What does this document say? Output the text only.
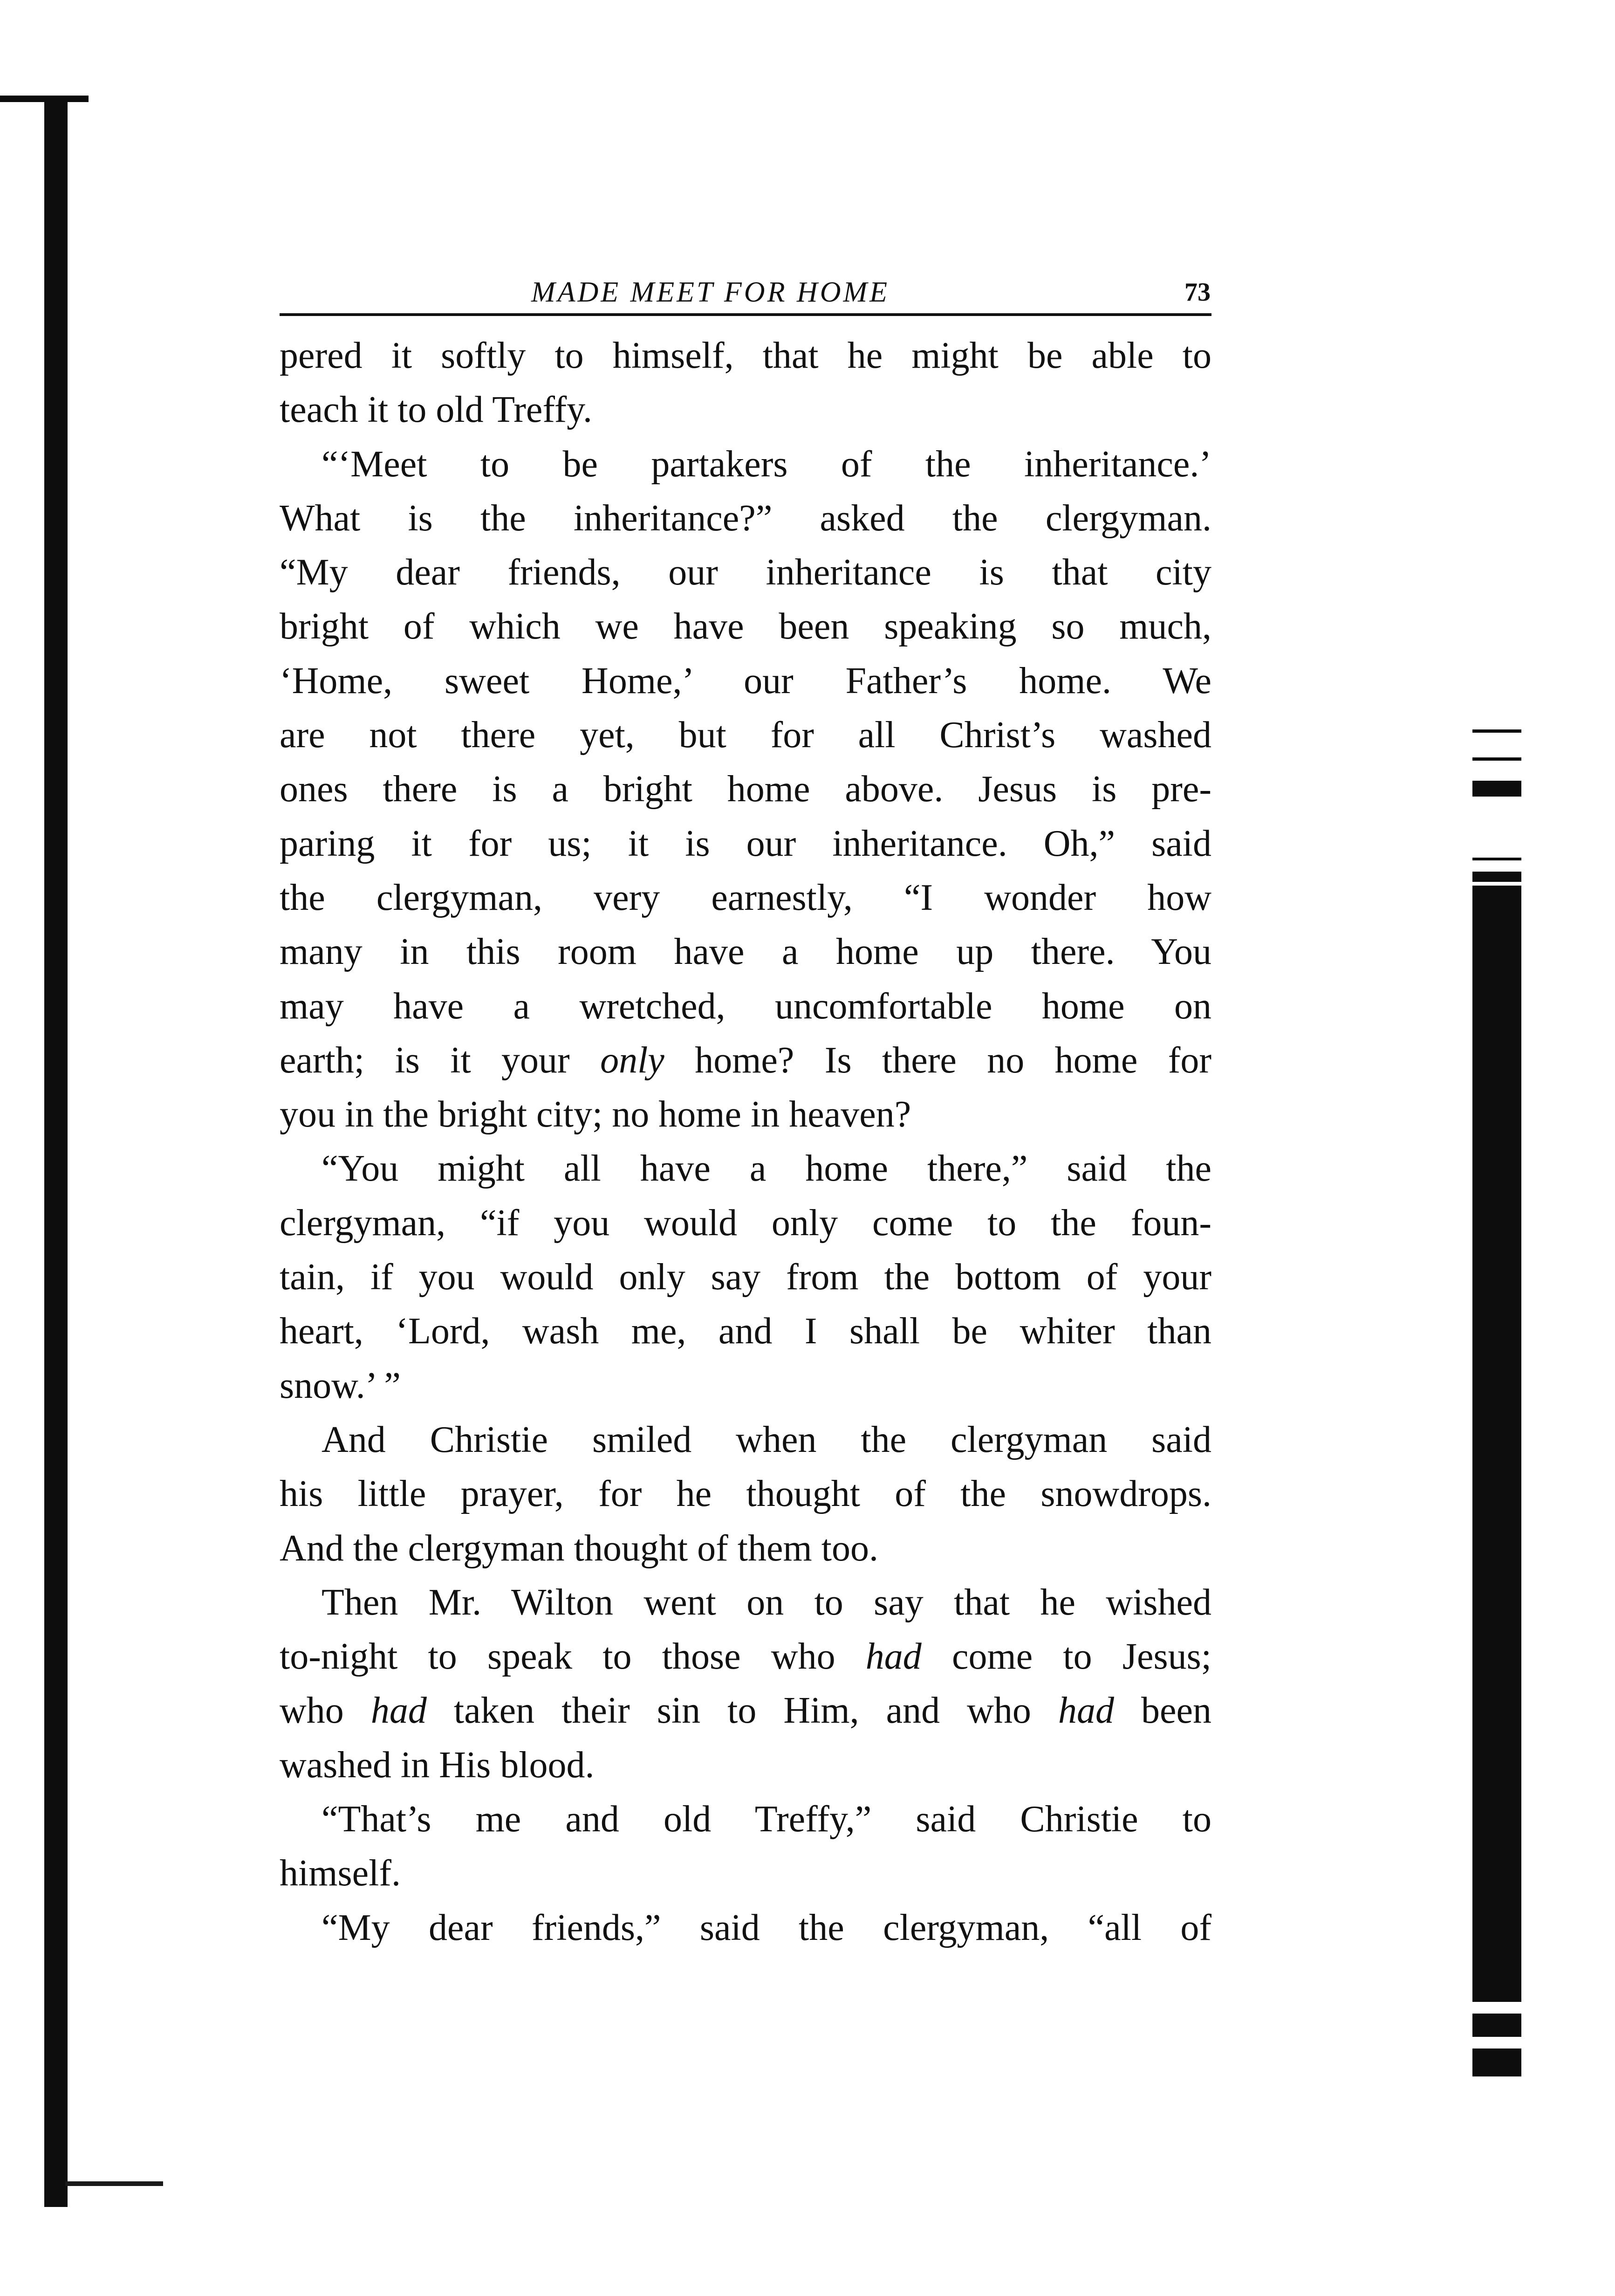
MADE MEET FOR HOME	73
pered it softly to himself, that he might be able to
teach it to old Treffy.
“‘Meet to be partakers of the inheritance.’
What is the inheritance?” asked the clergyman.
“My dear friends, our inheritance is that city
bright of which we have been speaking so much,
‘Home, sweet Home,’ our Father’s home. We
are not there yet, but for all Christ’s washed
ones there is a bright home above. Jesus is pre-
paring it for us; it is our inheritance. Oh,” said
the clergyman, very earnestly, “I wonder how
many in this room have a home up there. You
may have a wretched, uncomfortable home on
earth; is it your only home? Is there no home for
you in the bright city; no home in heaven?
“You might all have a home there,” said the
clergyman, “if you would only come to the foun-
tain, if you would only say from the bottom of your
heart, ‘Lord, wash me, and I shall be whiter than
snow.’ ”
And Christie smiled when the clergyman said
his little prayer, for he thought of the snowdrops.
And the clergyman thought of them too.
Then Mr. Wilton went on to say that he wished
to-night to speak to those who had come to Jesus;
who had taken their sin to Him, and who had been
washed in His blood.
“That’s me and old Treffy,” said Christie to
himself.
“My dear friends,” said the clergyman, “all of
